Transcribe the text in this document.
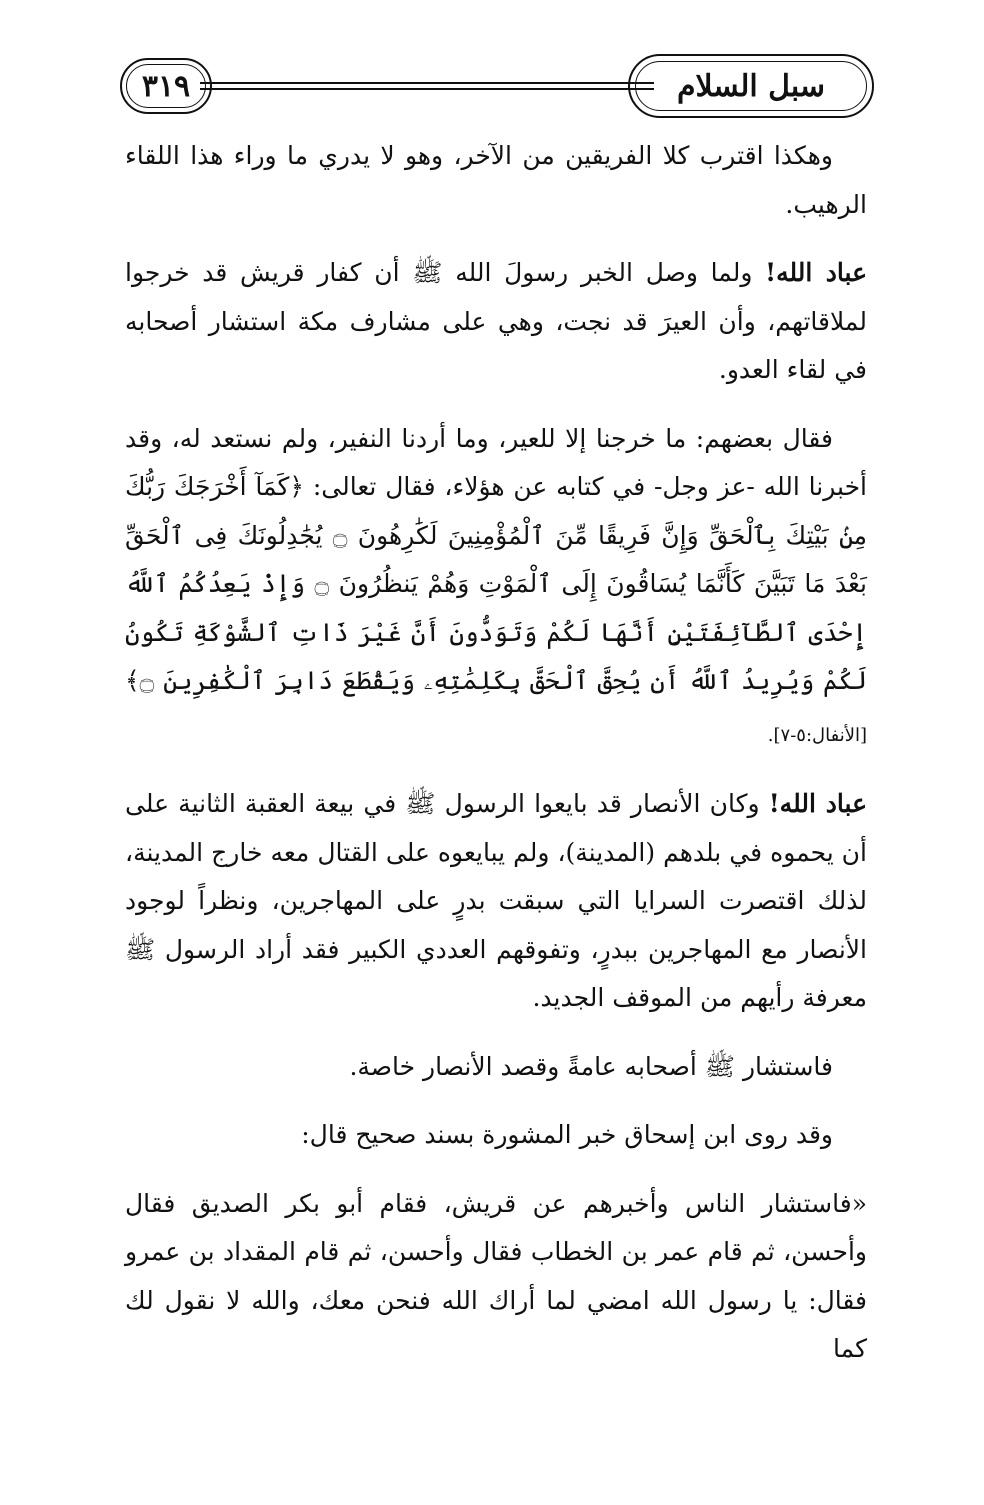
٣١٩	سبل السلام

وهكذا اقترب كلا الفريقين من الآخر، وهو لا يدري ما وراء هذا اللقاء الرهيب.

عباد الله! ولما وصل الخبر رسولَ الله ﷺ أن كفار قريش قد خرجوا لملاقاتهم، وأن العيرَ قد نجت، وهي على مشارف مكة استشار أصحابه في لقاء العدو.

فقال بعضهم: ما خرجنا إلا للعير، وما أردنا النفير، ولم نستعد له، وقد أخبرنا الله -عز وجل- في كتابه عن هؤلاء، فقال تعالى: ﴿كَمَآ أَخْرَجَكَ رَبُّكَ مِنۢ بَيْتِكَ بِٱلْحَقِّ وَإِنَّ فَرِيقًا مِّنَ ٱلْمُؤْمِنِينَ لَكَٰرِهُونَ ۝ يُجَٰدِلُونَكَ فِى ٱلْحَقِّ بَعْدَ مَا تَبَيَّنَ كَأَنَّمَا يُسَاقُونَ إِلَى ٱلْمَوْتِ وَهُمْ يَنظُرُونَ ۝ وَإِذْ يَعِدُكُمُ ٱللَّهُ إِحْدَى ٱلطَّآئِفَتَيْنِ أَنَّهَا لَكُمْ وَتَوَدُّونَ أَنَّ غَيْرَ ذَاتِ ٱلشَّوْكَةِ تَكُونُ لَكُمْ وَيُرِيدُ ٱللَّهُ أَن يُحِقَّ ٱلْحَقَّ بِكَلِمَٰتِهِۦ وَيَقْطَعَ دَابِرَ ٱلْكَٰفِرِينَ ۝﴾ [الأنفال:٥-٧].

عباد الله! وكان الأنصار قد بايعوا الرسول ﷺ في بيعة العقبة الثانية على أن يحموه في بلدهم (المدينة)، ولم يبايعوه على القتال معه خارج المدينة، لذلك اقتصرت السرايا التي سبقت بدرٍ على المهاجرين، ونظراً لوجود الأنصار مع المهاجرين ببدرٍ، وتفوقهم العددي الكبير فقد أراد الرسول ﷺ معرفة رأيهم من الموقف الجديد.

فاستشار ﷺ أصحابه عامةً وقصد الأنصار خاصة.

وقد روى ابن إسحاق خبر المشورة بسند صحيح قال:

«فاستشار الناس وأخبرهم عن قريش، فقام أبو بكر الصديق فقال وأحسن، ثم قام عمر بن الخطاب فقال وأحسن، ثم قام المقداد بن عمرو فقال: يا رسول الله امضي لما أراك الله فنحن معك، والله لا نقول لك كما
